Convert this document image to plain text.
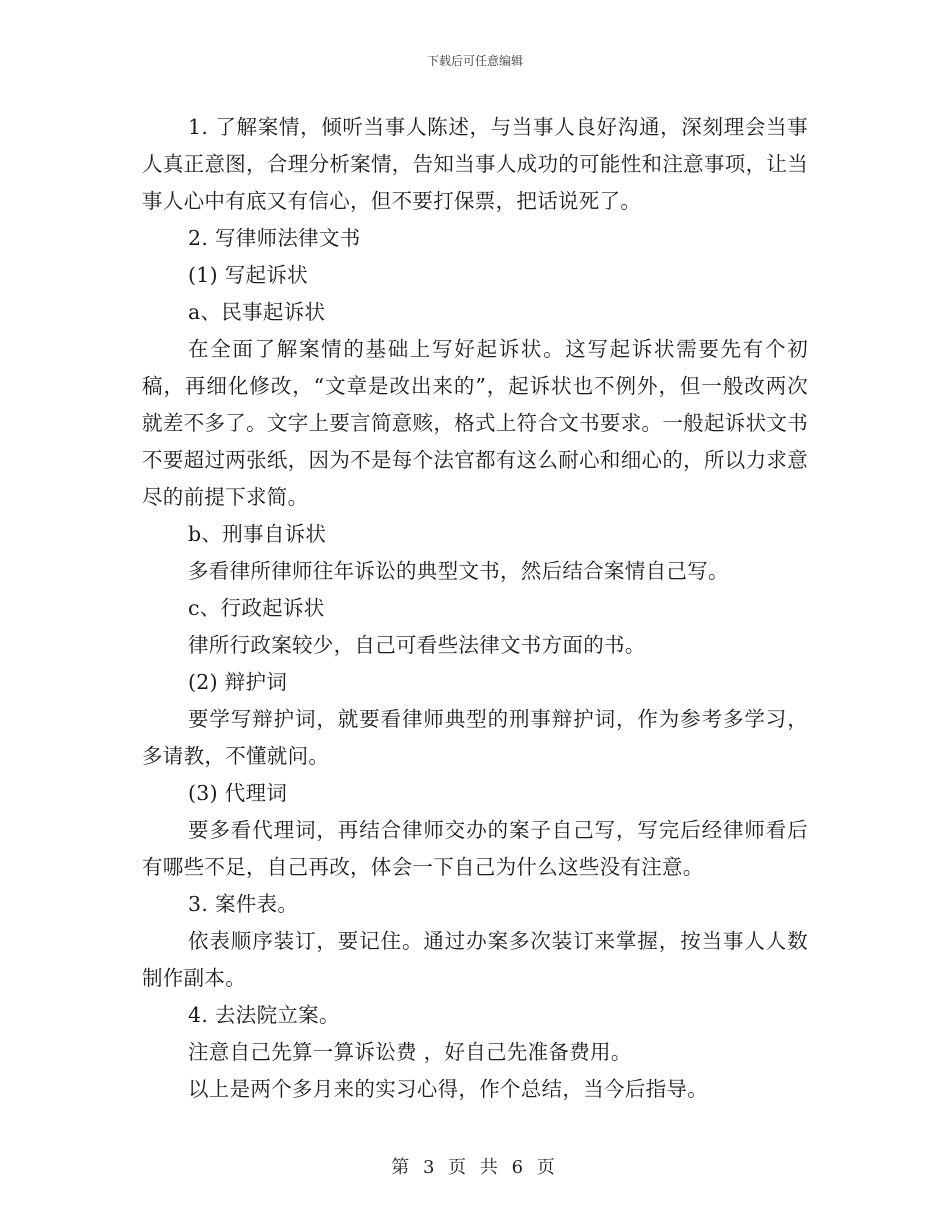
下载后可任意编辑

1. 了解案情，倾听当事人陈述，与当事人良好沟通，深刻理会当事人真正意图，合理分析案情，告知当事人成功的可能性和注意事项，让当事人心中有底又有信心，但不要打保票，把话说死了。

2. 写律师法律文书

(1) 写起诉状

a、民事起诉状

在全面了解案情的基础上写好起诉状。这写起诉状需要先有个初稿，再细化修改，“文章是改出来的”，起诉状也不例外，但一般改两次就差不多了。文字上要言简意赅，格式上符合文书要求。一般起诉状文书不要超过两张纸，因为不是每个法官都有这么耐心和细心的，所以力求意尽的前提下求简。

b、刑事自诉状

多看律所律师往年诉讼的典型文书，然后结合案情自己写。

c、行政起诉状

律所行政案较少，自己可看些法律文书方面的书。

(2) 辩护词

要学写辩护词，就要看律师典型的刑事辩护词，作为参考多学习，多请教，不懂就问。

(3) 代理词

要多看代理词，再结合律师交办的案子自己写，写完后经律师看后有哪些不足，自己再改，体会一下自己为什么这些没有注意。

3. 案件表。

依表顺序装订，要记住。通过办案多次装订来掌握，按当事人人数制作副本。

4. 去法院立案。

注意自己先算一算诉讼费 ，好自己先准备费用。

以上是两个多月来的实习心得，作个总结，当今后指导。

第 3 页 共 6 页
